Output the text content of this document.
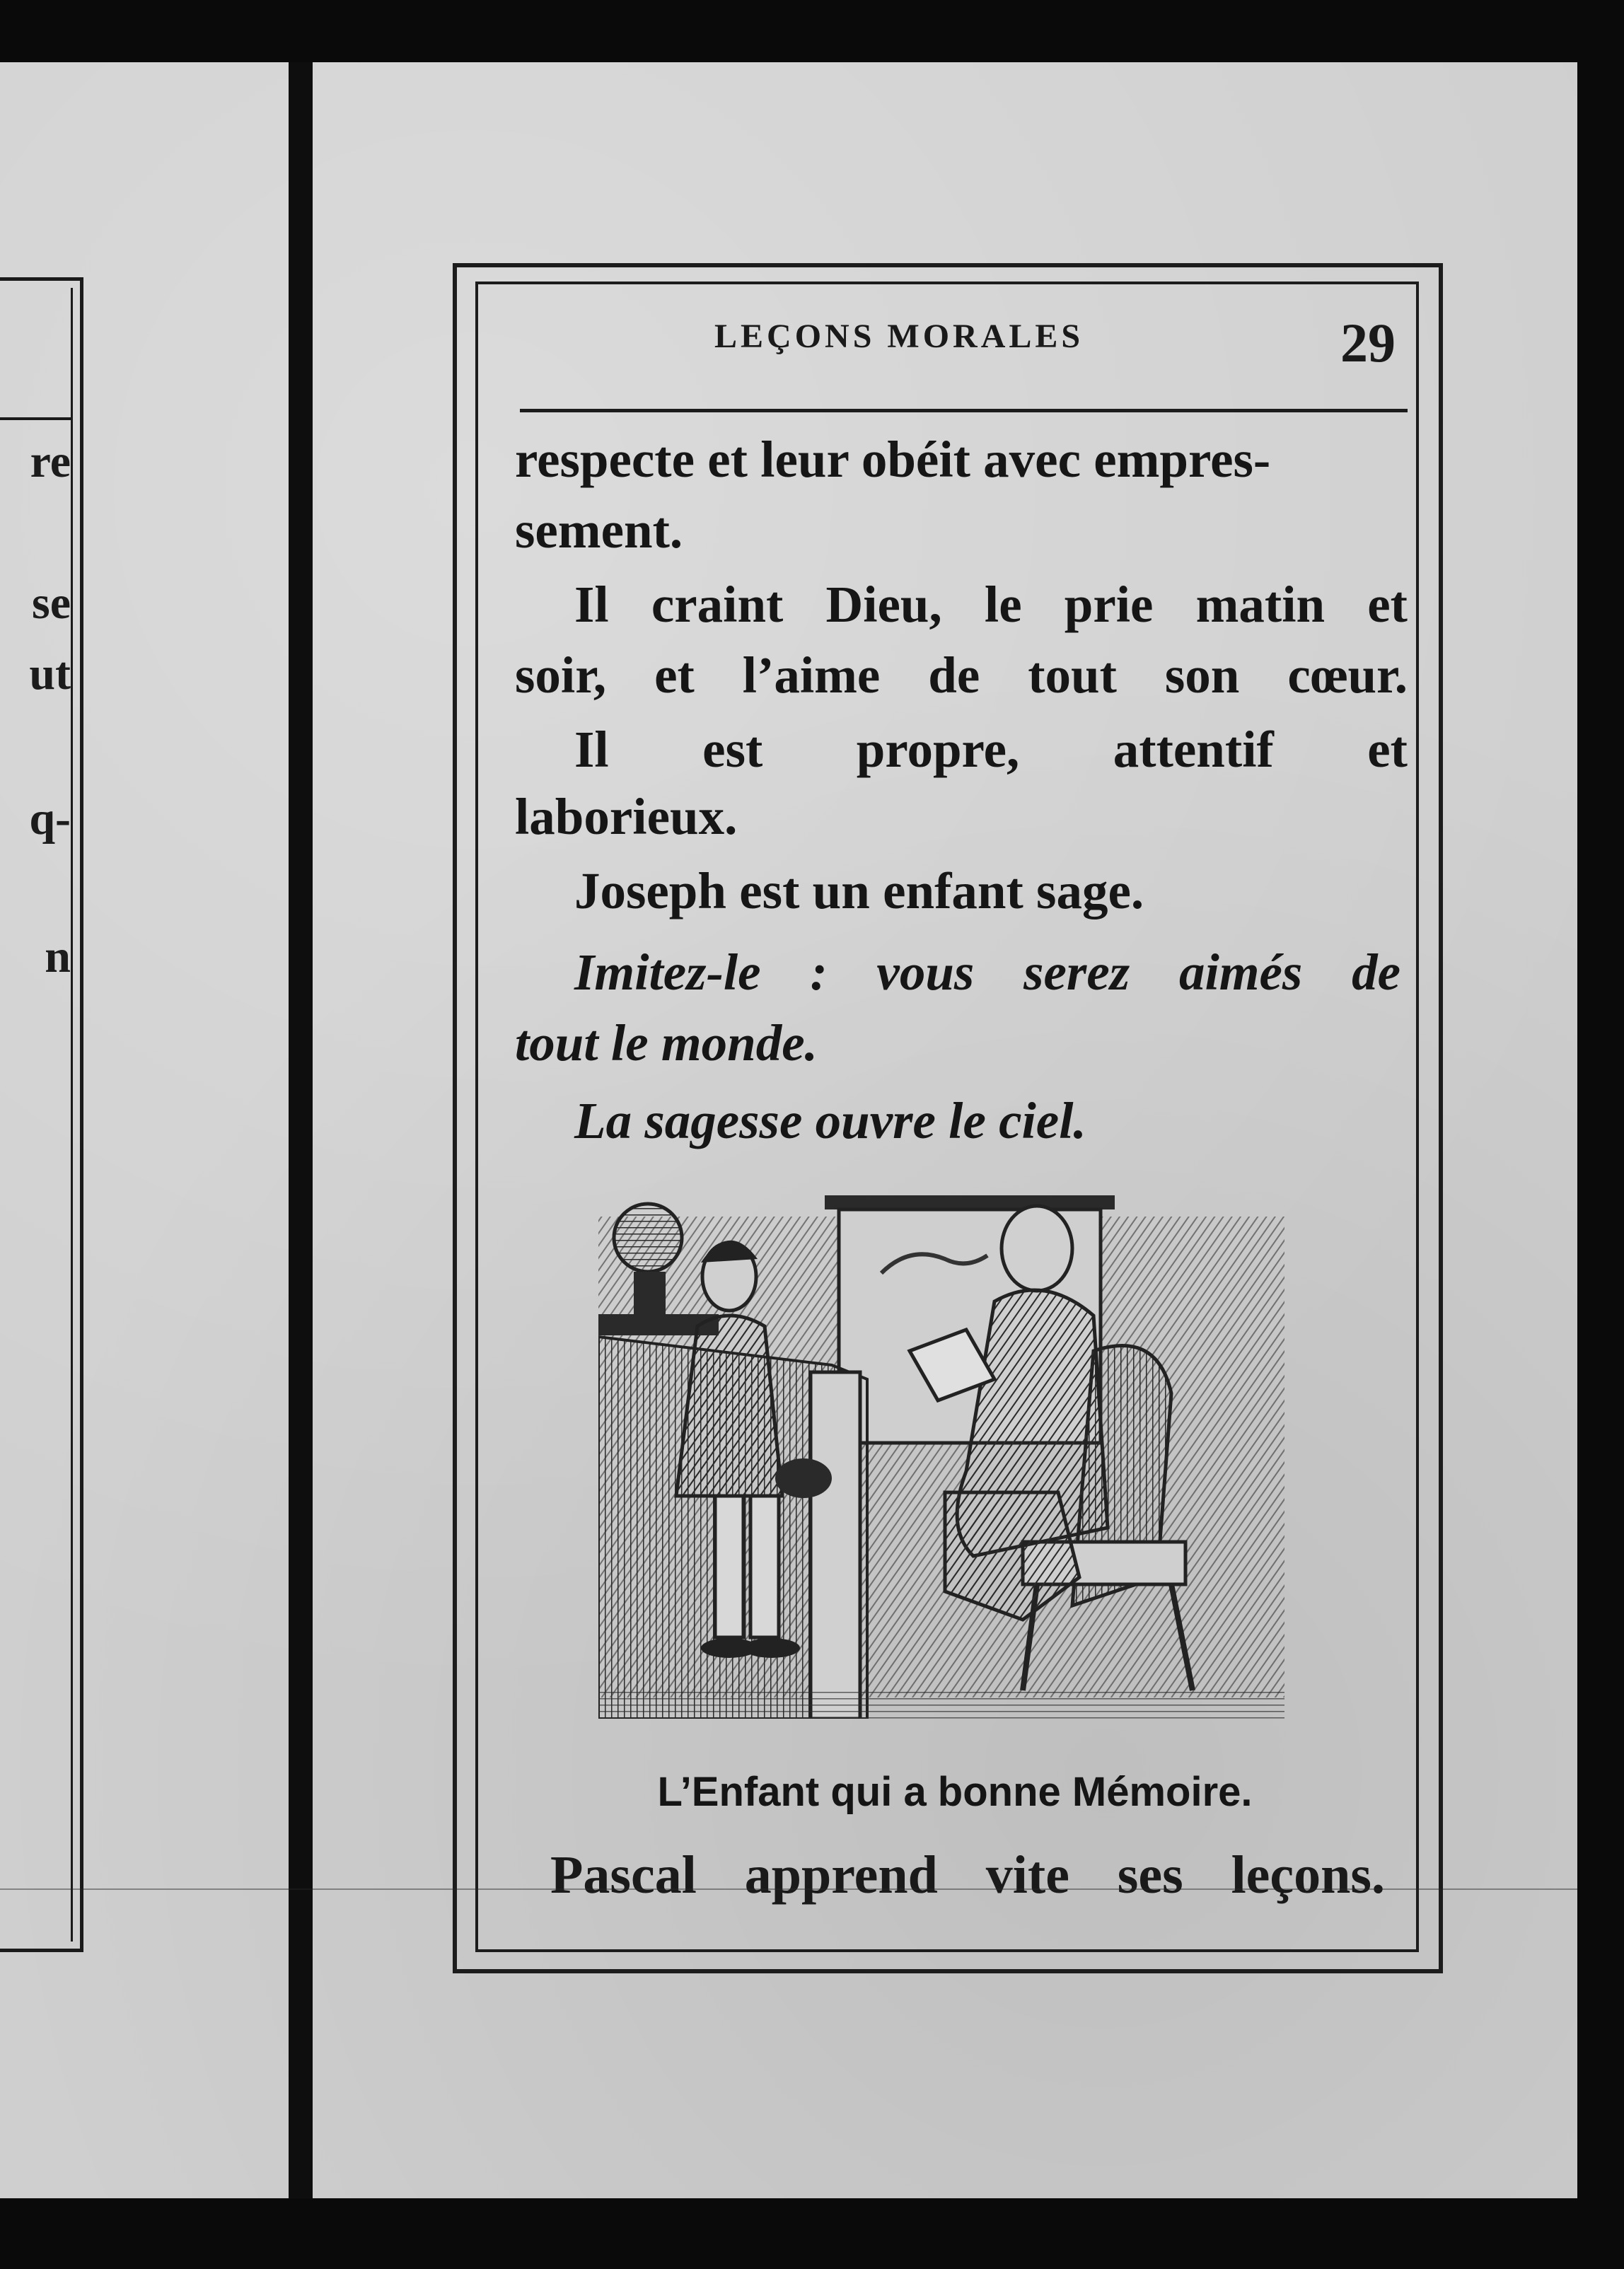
re
se
ut
q-
n
LEÇONS MORALES	29
respecte et leur obéit avec empres-
sement.
Il craint Dieu, le prie matin et
soir, et l’aime de tout son cœur.
Il est propre, attentif et
laborieux.
Joseph est un enfant sage.
Imitez-le : vous serez aimés de
tout le monde.
La sagesse ouvre le ciel.
L’Enfant qui a bonne Mémoire.
Pascal apprend vite ses leçons.
